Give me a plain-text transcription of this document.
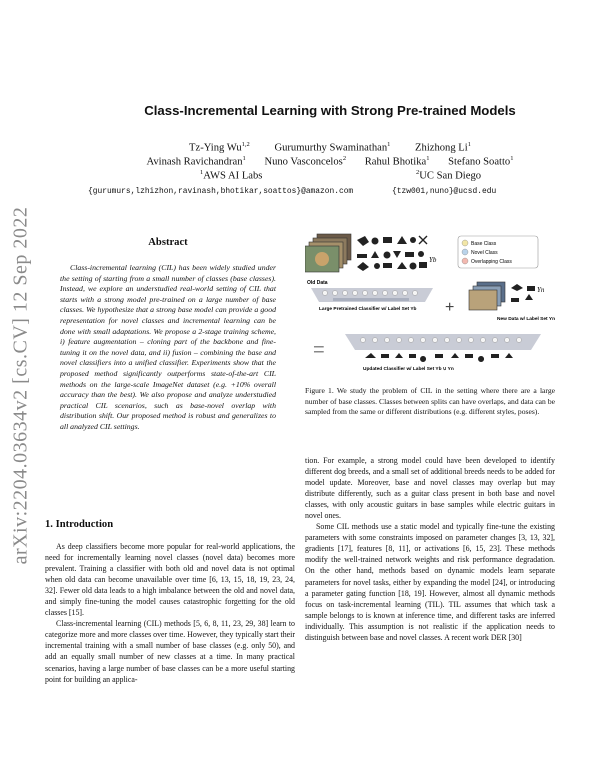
arXiv:2204.03634v2 [cs.CV] 12 Sep 2022
Class-Incremental Learning with Strong Pre-trained Models
Tz-Ying Wu$^{1,2}$ Gurumurthy Swaminathan$^1$ Zhizhong Li$^1$
Avinash Ravichandran$^1$ Nuno Vasconcelos$^2$ Rahul Bhotika$^1$ Stefano Soatto$^1$
$^1$AWS AI Labs	$^2$UC San Diego
{gurumurs,lzhizhon,ravinash,bhotikar,soattos}@amazon.com	{tzw001,nuno}@ucsd.edu
Abstract
Class-incremental learning (CIL) has been widely studied under the setting of starting from a small number of classes (base classes). Instead, we explore an understudied real-world setting of CIL that starts with a strong model pre-trained on a large number of base classes. We hypothesize that a strong base model can provide a good representation for novel classes and incremental learning can be done with small adaptations. We propose a 2-stage training scheme, i) feature augmentation – cloning part of the backbone and fine-tuning it on the novel data, and ii) fusion – combining the base and novel classifiers into a unified classifier. Experiments show that the proposed method significantly outperforms state-of-the-art CIL methods on the large-scale ImageNet dataset (e.g. +10% overall accuracy than the best). We also propose and analyze understudied practical CIL scenarios, such as base-novel overlap with distribution shift. Our proposed method is robust and generalizes to all analyzed CIL settings.
1. Introduction

As deep classifiers become more popular for real-world applications, the need for incrementally learning novel classes (novel data) becomes more prevalent. Training a classifier with both old and novel data is not optimal when old data can become unavailable over time [6, 13, 15, 18, 19, 23, 24, 32]. Fewer old data leads to a high imbalance between the old and novel data, and simply fine-tuning the model causes catastrophic forgetting for the old classes [15].

Class-incremental learning (CIL) methods [5, 6, 8, 11, 23, 29, 38] learn to categorize more and more classes over time. However, they typically start their incremental training with a small number of base classes (e.g. only 50), and add an equally small number of new classes at a time. In many practical scenarios, having a large number of base classes can be a more useful starting point for building an applica-

tion. For example, a strong model could have been developed to identify different dog breeds, and a small set of additional breeds needs to be added for model update. Moreover, base and novel classes may overlap but may distribute differently, such as a guitar class present in both base and novel classes, with only acoustic guitars in base samples while electric guitars in novel ones.

Some CIL methods use a static model and typically fine-tune the existing parameters with some constraints imposed on parameter changes [3, 13, 32], gradients [17], features [8, 11], or activations [6, 15, 23]. These methods modify the well-trained network weights and risk performance degradation. On the other hand, methods based on dynamic models learn separate parameters for novel tasks, either by expanding the model [24], or introducing a parameter gating function [18, 19]. However, almost all dynamic methods focus on task-incremental learning (TIL). TIL assumes that which task a sample belongs to is known at inference time, and different tasks are inferred individually. This assumption is not realistic if the application needs to distinguish between base and novel classes. A recent work DER [30]

Old Data
Yb
Base Class
Novel Class
Overlapping Class
Large Pretrained Classifier w/ Label Set Yb +
Yn
New Data w/ Label Set Yn
=
Updated Classifier w/ Label Set Yb ∪ Yn
Figure 1. We study the problem of CIL in the setting where there are a large number of base classes. Classes between splits can have overlaps, and data can be sampled from the same or different distributions (e.g. different styles, poses).
